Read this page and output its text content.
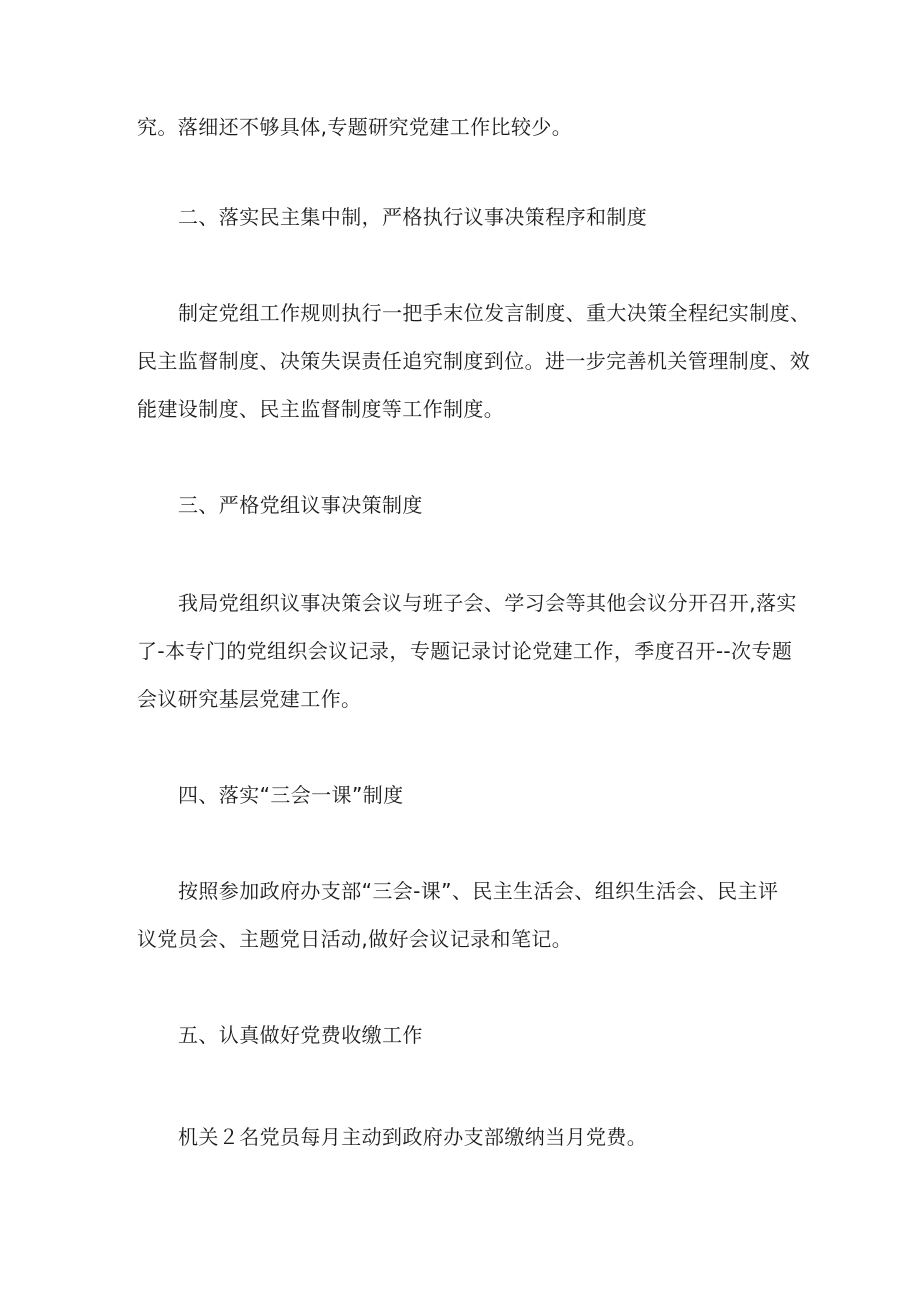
究。落细还不够具体,专题研究党建工作比较少。

二、落实民主集中制，严格执行议事决策程序和制度

制定党组工作规则执行一把手末位发言制度、重大决策全程纪实制度、

民主监督制度、决策失误责任追究制度到位。进一步完善机关管理制度、效

能建设制度、民主监督制度等工作制度。

三、严格党组议事决策制度

我局党组织议事决策会议与班子会、学习会等其他会议分开召开,落实

了-本专门的党组织会议记录，专题记录讨论党建工作，季度召开--次专题

会议研究基层党建工作。

四、落实“三会一课”制度

按照参加政府办支部“三会-课”、民主生活会、组织生活会、民主评

议党员会、主题党日活动,做好会议记录和笔记。

五、认真做好党费收缴工作

机关２名党员每月主动到政府办支部缴纳当月党费。
